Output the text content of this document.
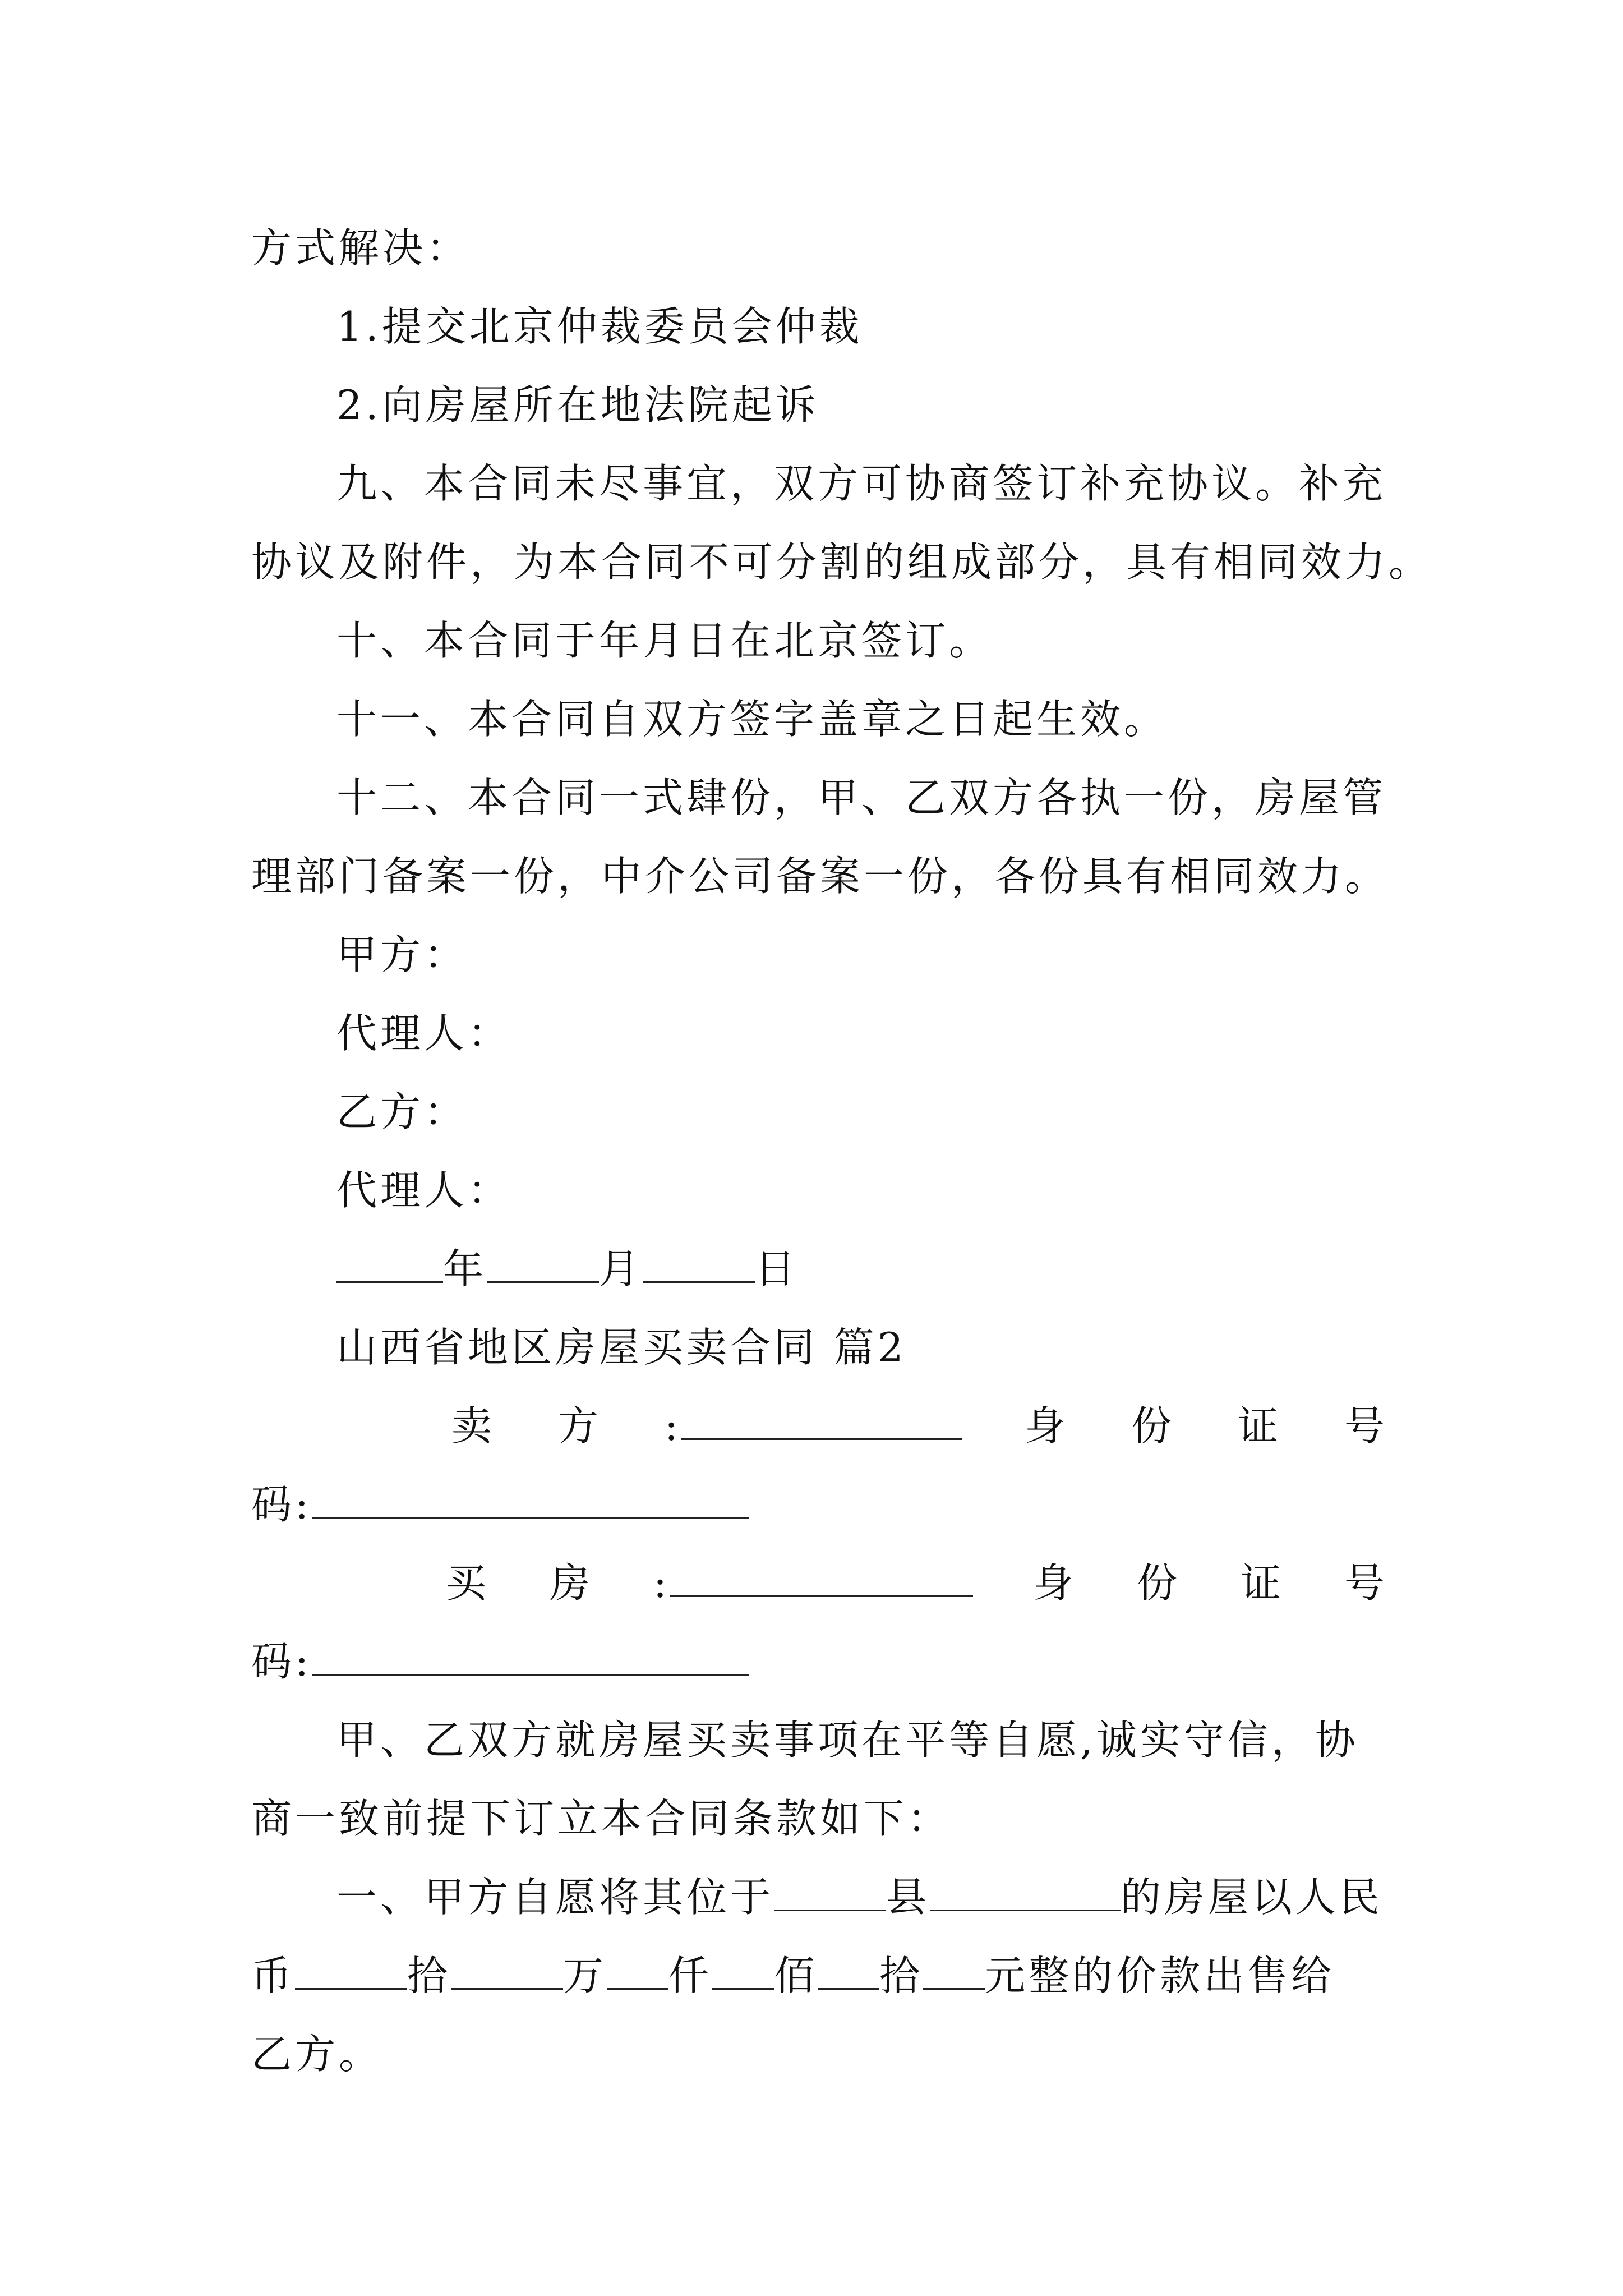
方式解决：
1.提交北京仲裁委员会仲裁
2.向房屋所在地法院起诉
九、本合同未尽事宜，双方可协商签订补充协议。补充
协议及附件，为本合同不可分割的组成部分，具有相同效力。
十、本合同于年月日在北京签订。
十一、本合同自双方签字盖章之日起生效。
十二、本合同一式肆份，甲、乙双方各执一份，房屋管
理部门备案一份，中介公司备案一份，各份具有相同效力。
甲方：
代理人：
乙方：
代理人：
年	月	日
山西省地区房屋买卖合同 篇2
卖 方 :	身 份 证 号
码:
买 房 :	身 份 证 号
码:
甲、乙双方就房屋买卖事项在平等自愿,诚实守信，协
商一致前提下订立本合同条款如下：
一、甲方自愿将其位于	县	的房屋以人民
币	拾	万 仟 佰 拾 元整的价款出售给
乙方。
